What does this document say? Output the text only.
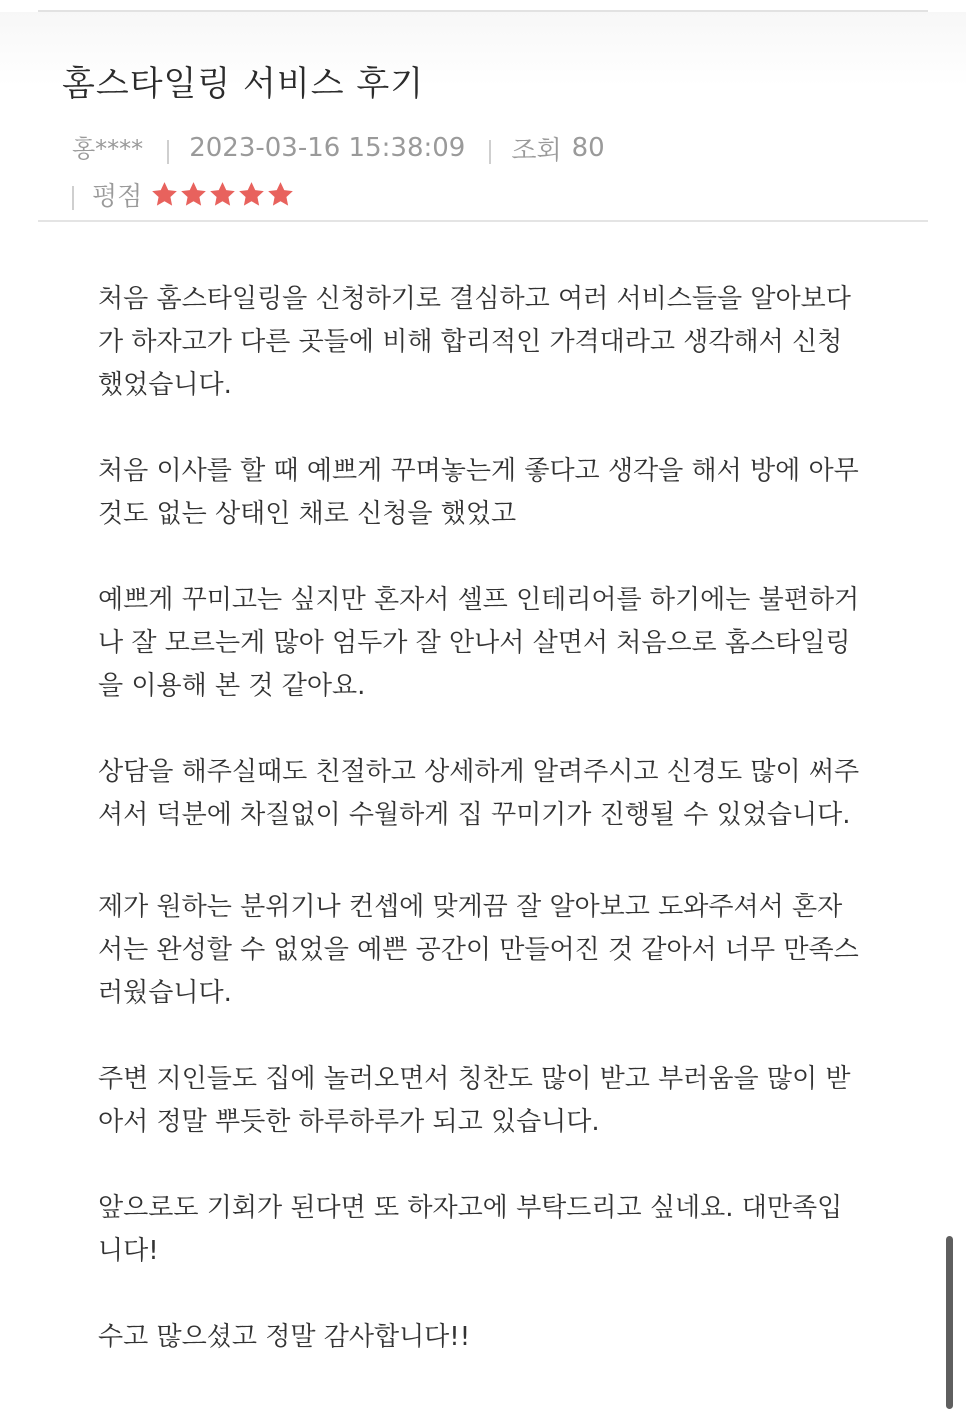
홈스타일링 서비스 후기
홍**** 2023-03-16 15:38:09 조회 80
평점
처음 홈스타일링을 신청하기로 결심하고 여러 서비스들을 알아보다
가 하자고가 다른 곳들에 비해 합리적인 가격대라고 생각해서 신청
했었습니다.
처음 이사를 할 때 예쁘게 꾸며놓는게 좋다고 생각을 해서 방에 아무
것도 없는 상태인 채로 신청을 했었고
예쁘게 꾸미고는 싶지만 혼자서 셀프 인테리어를 하기에는 불편하거
나 잘 모르는게 많아 엄두가 잘 안나서 살면서 처음으로 홈스타일링
을 이용해 본 것 같아요.
상담을 해주실때도 친절하고 상세하게 알려주시고 신경도 많이 써주
셔서 덕분에 차질없이 수월하게 집 꾸미기가 진행될 수 있었습니다.
제가 원하는 분위기나 컨셉에 맞게끔 잘 알아보고 도와주셔서 혼자
서는 완성할 수 없었을 예쁜 공간이 만들어진 것 같아서 너무 만족스
러웠습니다.
주변 지인들도 집에 놀러오면서 칭찬도 많이 받고 부러움을 많이 받
아서 정말 뿌듯한 하루하루가 되고 있습니다.
앞으로도 기회가 된다면 또 하자고에 부탁드리고 싶네요. 대만족입
니다!
수고 많으셨고 정말 감사합니다!!
